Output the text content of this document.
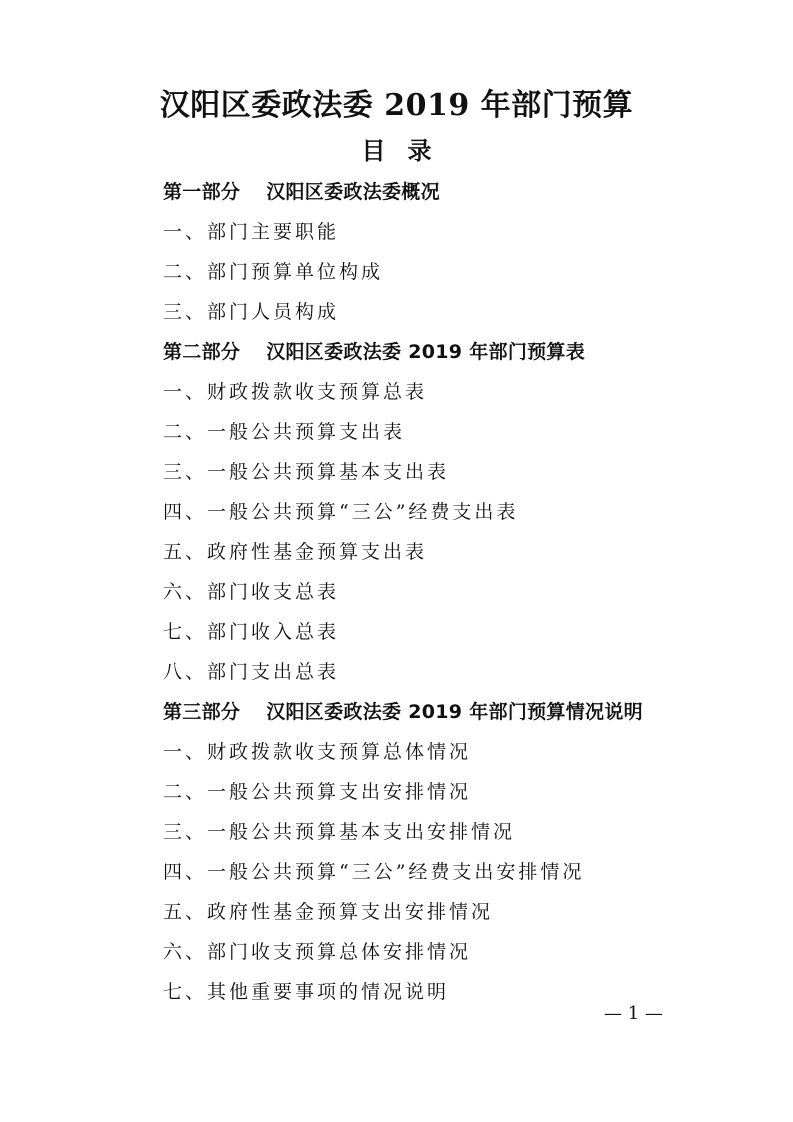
汉阳区委政法委 2019 年部门预算
目录
第一部分 汉阳区委政法委概况
一、部门主要职能
二、部门预算单位构成
三、部门人员构成
第二部分 汉阳区委政法委 2019 年部门预算表
一、财政拨款收支预算总表
二、一般公共预算支出表
三、一般公共预算基本支出表
四、一般公共预算“三公”经费支出表
五、政府性基金预算支出表
六、部门收支总表
七、部门收入总表
八、部门支出总表
第三部分 汉阳区委政法委 2019 年部门预算情况说明
一、财政拨款收支预算总体情况
二、一般公共预算支出安排情况
三、一般公共预算基本支出安排情况
四、一般公共预算“三公”经费支出安排情况
五、政府性基金预算支出安排情况
六、部门收支预算总体安排情况
七、其他重要事项的情况说明
— 1 —
